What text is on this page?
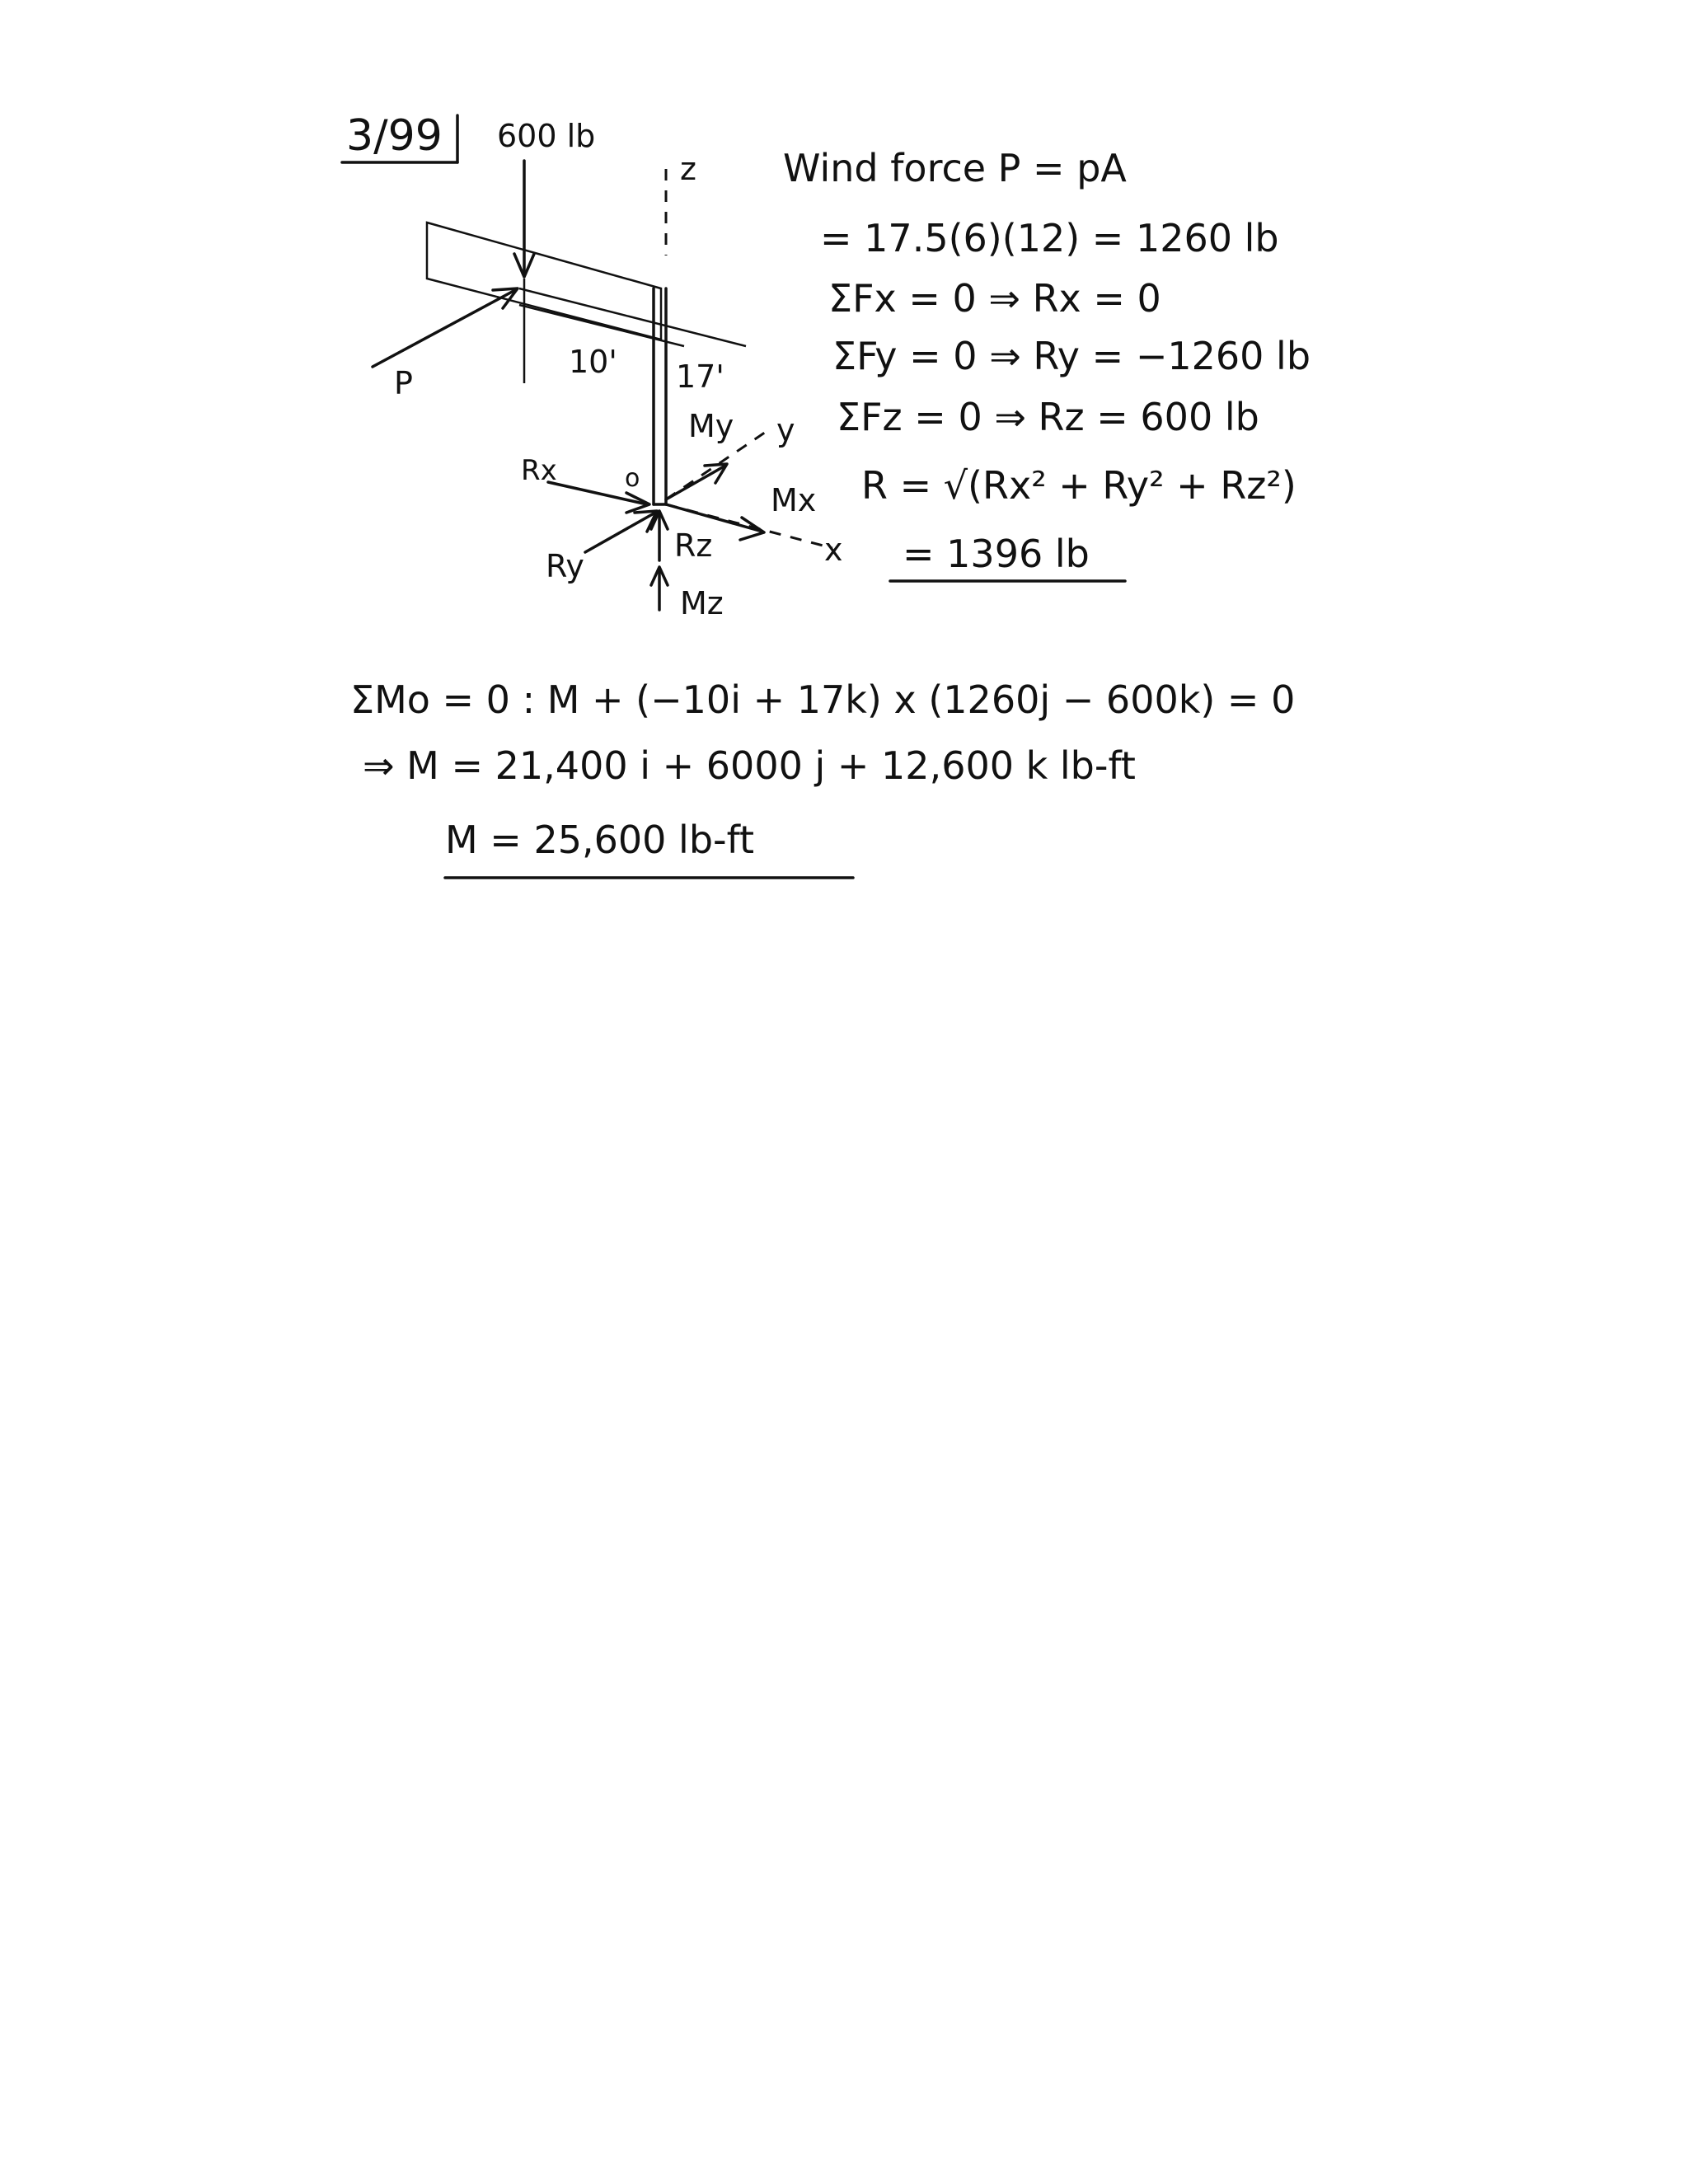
3/99 600 lb
z
P
10' 17'
y
My
x
Mx
o
Rx
Ry
Rz
Mz
Wind force P = pA
= 17.5(6)(12) = 1260 lb
ΣFx = 0 ⇒ Rx = 0
ΣFy = 0 ⇒ Ry = −1260 lb
ΣFz = 0 ⇒ Rz = 600 lb
R = √(Rx² + Ry² + Rz²)
= 1396 lb
ΣMo = 0 : M + (−10i + 17k) x (1260j − 600k) = 0
⇒ M = 21,400 i + 6000 j + 12,600 k lb-ft
M = 25,600 lb-ft
